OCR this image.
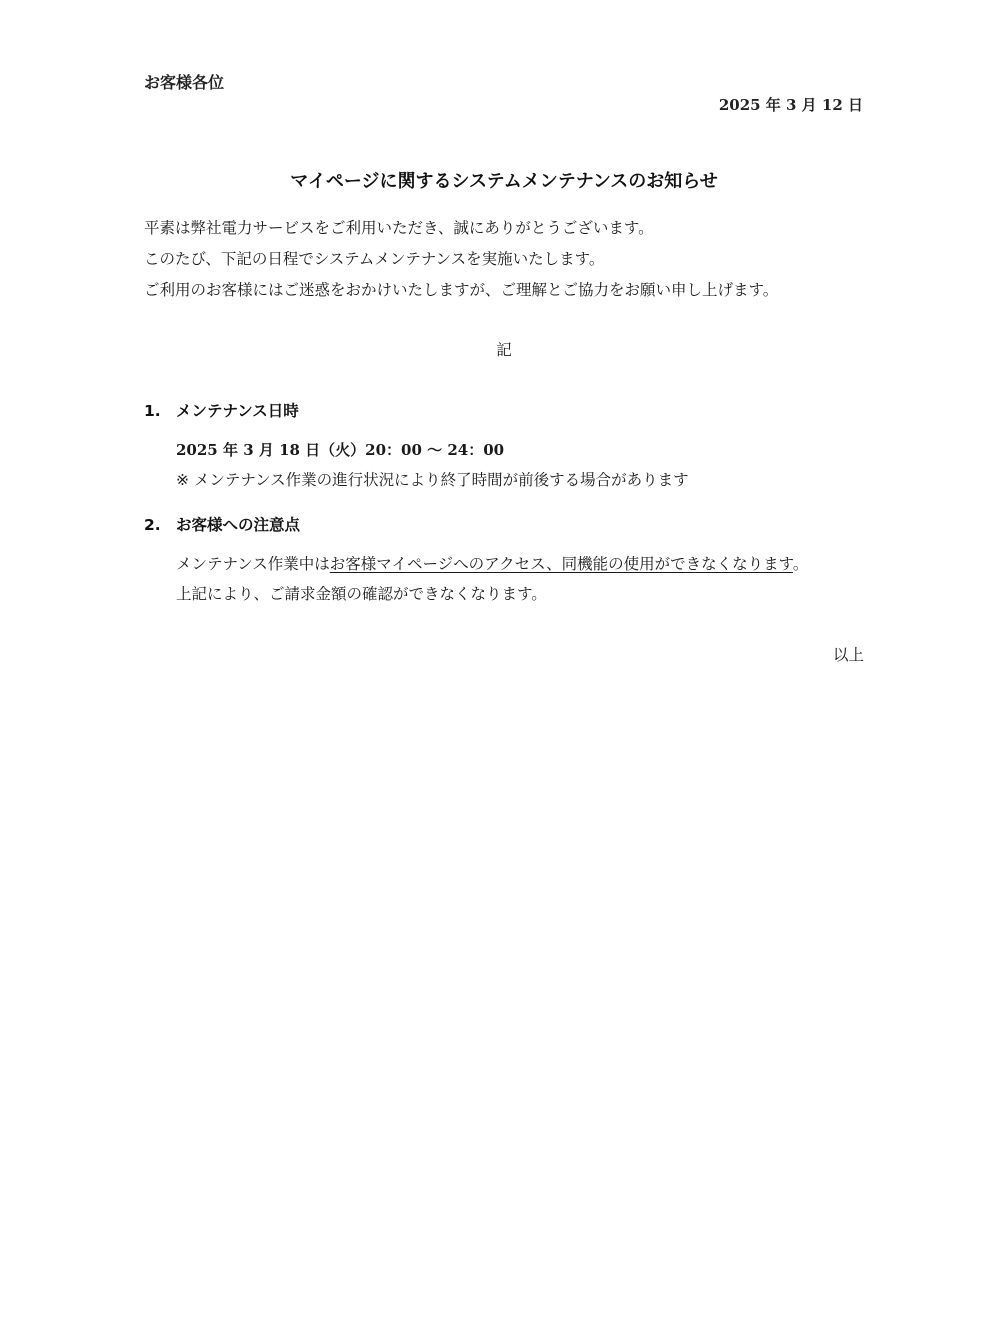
お客様各位
2025 年 3 月 12 日
マイページに関するシステムメンテナンスのお知らせ
平素は弊社電力サービスをご利用いただき、誠にありがとうございます。
このたび、下記の日程でシステムメンテナンスを実施いたします。
ご利用のお客様にはご迷惑をおかけいたしますが、ご理解とご協力をお願い申し上げます。
記
1. メンテナンス日時
2025 年 3 月 18 日（火）20：00 ～ 24：00
※ メンテナンス作業の進行状況により終了時間が前後する場合があります
2. お客様への注意点
メンテナンス作業中はお客様マイページへのアクセス、同機能の使用ができなくなります。
上記により、ご請求金額の確認ができなくなります。
以上
